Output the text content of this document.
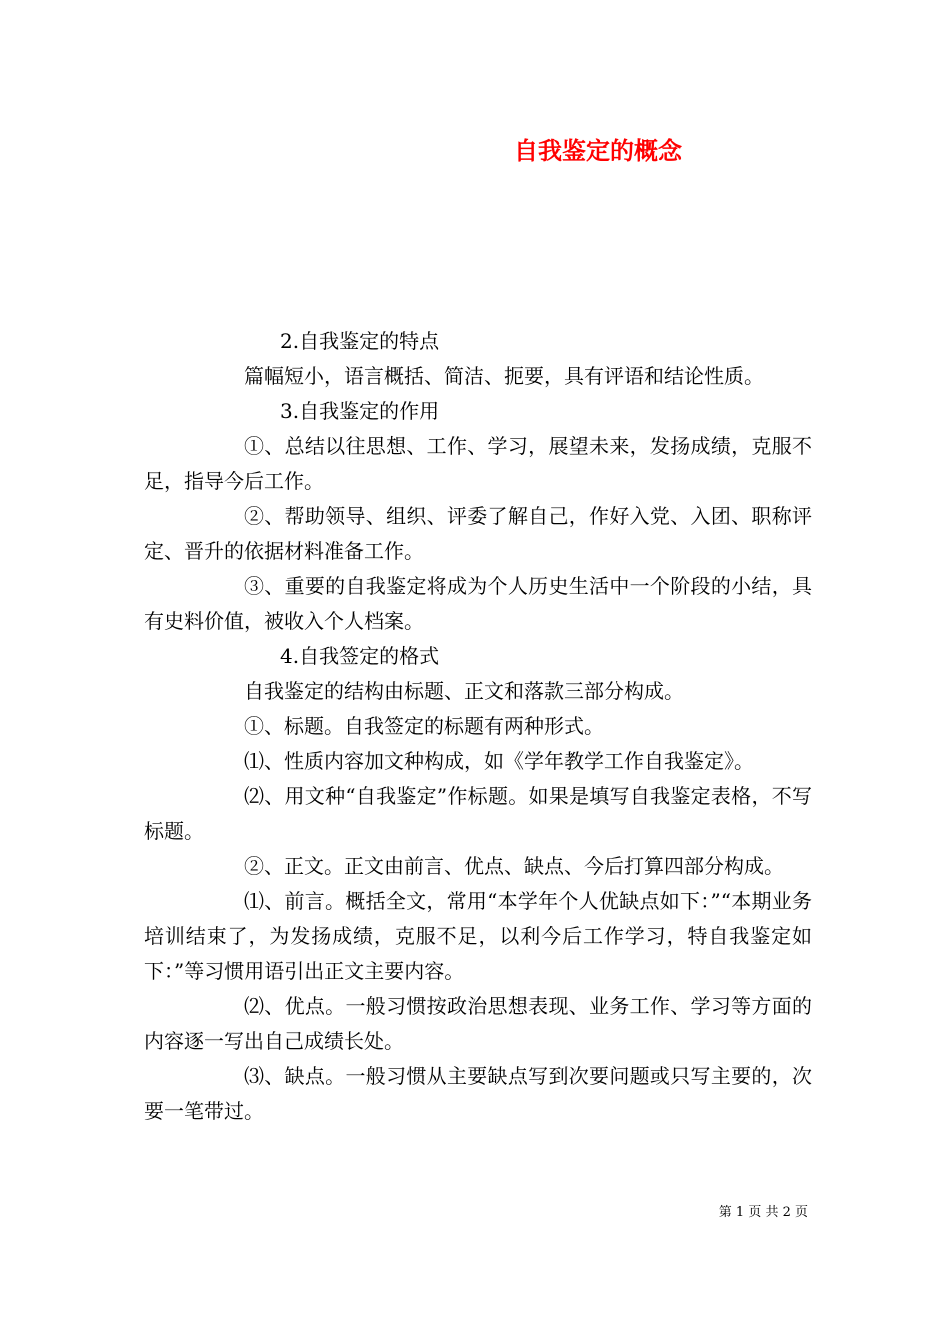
自我鉴定的概念

2.自我鉴定的特点

篇幅短小，语言概括、简洁、扼要，具有评语和结论性质。

3.自我鉴定的作用

①、总结以往思想、工作、学习，展望未来，发扬成绩，克服不足，指导今后工作。

②、帮助领导、组织、评委了解自己，作好入党、入团、职称评定、晋升的依据材料准备工作。

③、重要的自我鉴定将成为个人历史生活中一个阶段的小结，具有史料价值，被收入个人档案。

4.自我签定的格式

自我鉴定的结构由标题、正文和落款三部分构成。

①、标题。自我签定的标题有两种形式。

⑴、性质内容加文种构成，如《学年教学工作自我鉴定》。

⑵、用文种“自我鉴定”作标题。如果是填写自我鉴定表格，不写标题。

②、正文。正文由前言、优点、缺点、今后打算四部分构成。

⑴、前言。概括全文，常用“本学年个人优缺点如下：”“本期业务培训结束了，为发扬成绩，克服不足，以利今后工作学习，特自我鉴定如下：”等习惯用语引出正文主要内容。

⑵、优点。一般习惯按政治思想表现、业务工作、学习等方面的内容逐一写出自己成绩长处。

⑶、缺点。一般习惯从主要缺点写到次要问题或只写主要的，次要一笔带过。

第 1 页 共 2 页
